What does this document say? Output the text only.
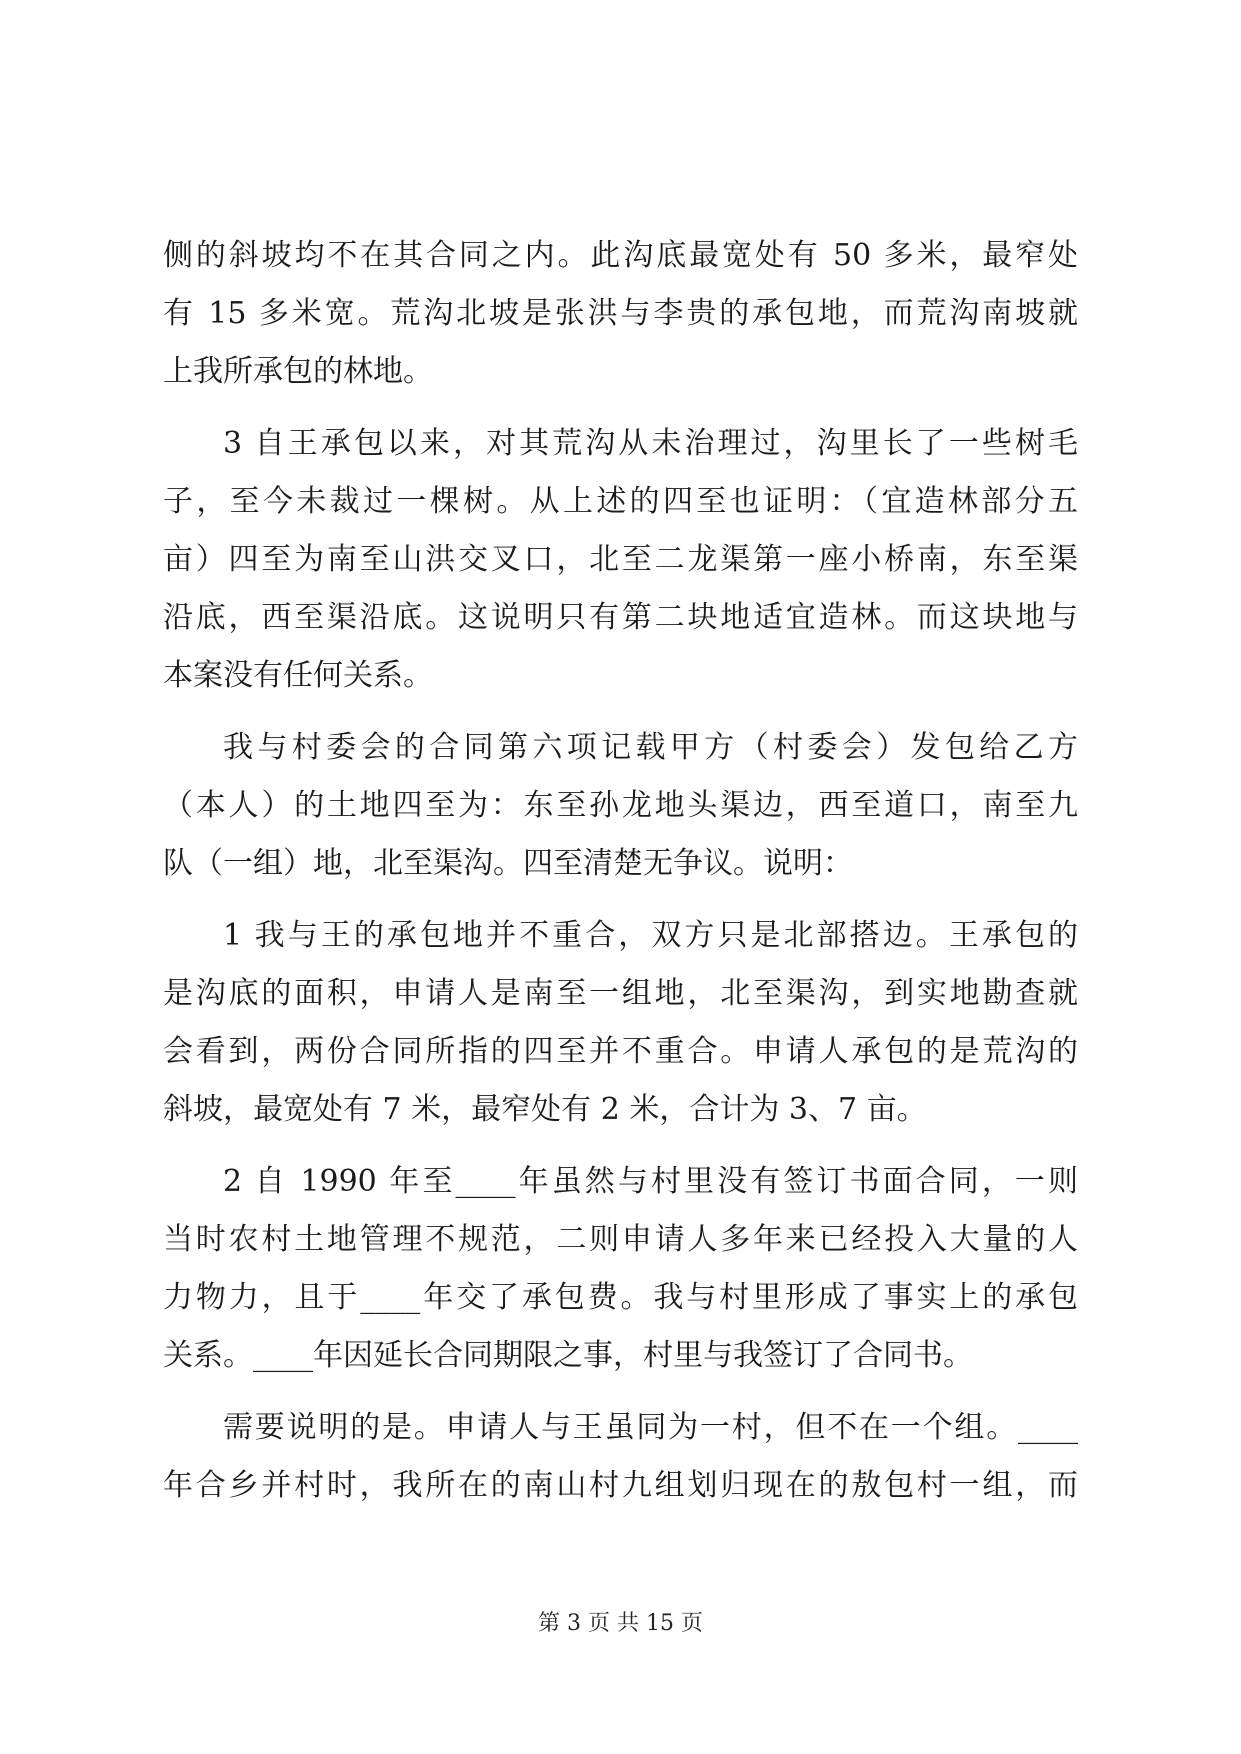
侧的斜坡均不在其合同之内。此沟底最宽处有 50 多米，最窄处
有 15 多米宽。荒沟北坡是张洪与李贵的承包地，而荒沟南坡就
上我所承包的林地。
3 自王承包以来，对其荒沟从未治理过，沟里长了一些树毛
子，至今未裁过一棵树。从上述的四至也证明：（宜造林部分五
亩）四至为南至山洪交叉口，北至二龙渠第一座小桥南，东至渠
沿底，西至渠沿底。这说明只有第二块地适宜造林。而这块地与
本案没有任何关系。
我与村委会的合同第六项记载甲方（村委会）发包给乙方
（本人）的土地四至为：东至孙龙地头渠边，西至道口，南至九
队（一组）地，北至渠沟。四至清楚无争议。说明：
1 我与王的承包地并不重合，双方只是北部搭边。王承包的
是沟底的面积，申请人是南至一组地，北至渠沟，到实地勘查就
会看到，两份合同所指的四至并不重合。申请人承包的是荒沟的
斜坡，最宽处有 7 米，最窄处有 2 米，合计为 3、7 亩。
2 自 1990 年至____年虽然与村里没有签订书面合同，一则
当时农村土地管理不规范，二则申请人多年来已经投入大量的人
力物力，且于____年交了承包费。我与村里形成了事实上的承包
关系。____年因延长合同期限之事，村里与我签订了合同书。
需要说明的是。申请人与王虽同为一村，但不在一个组。____
年合乡并村时，我所在的南山村九组划归现在的敖包村一组，而
第 3 页 共 15 页
